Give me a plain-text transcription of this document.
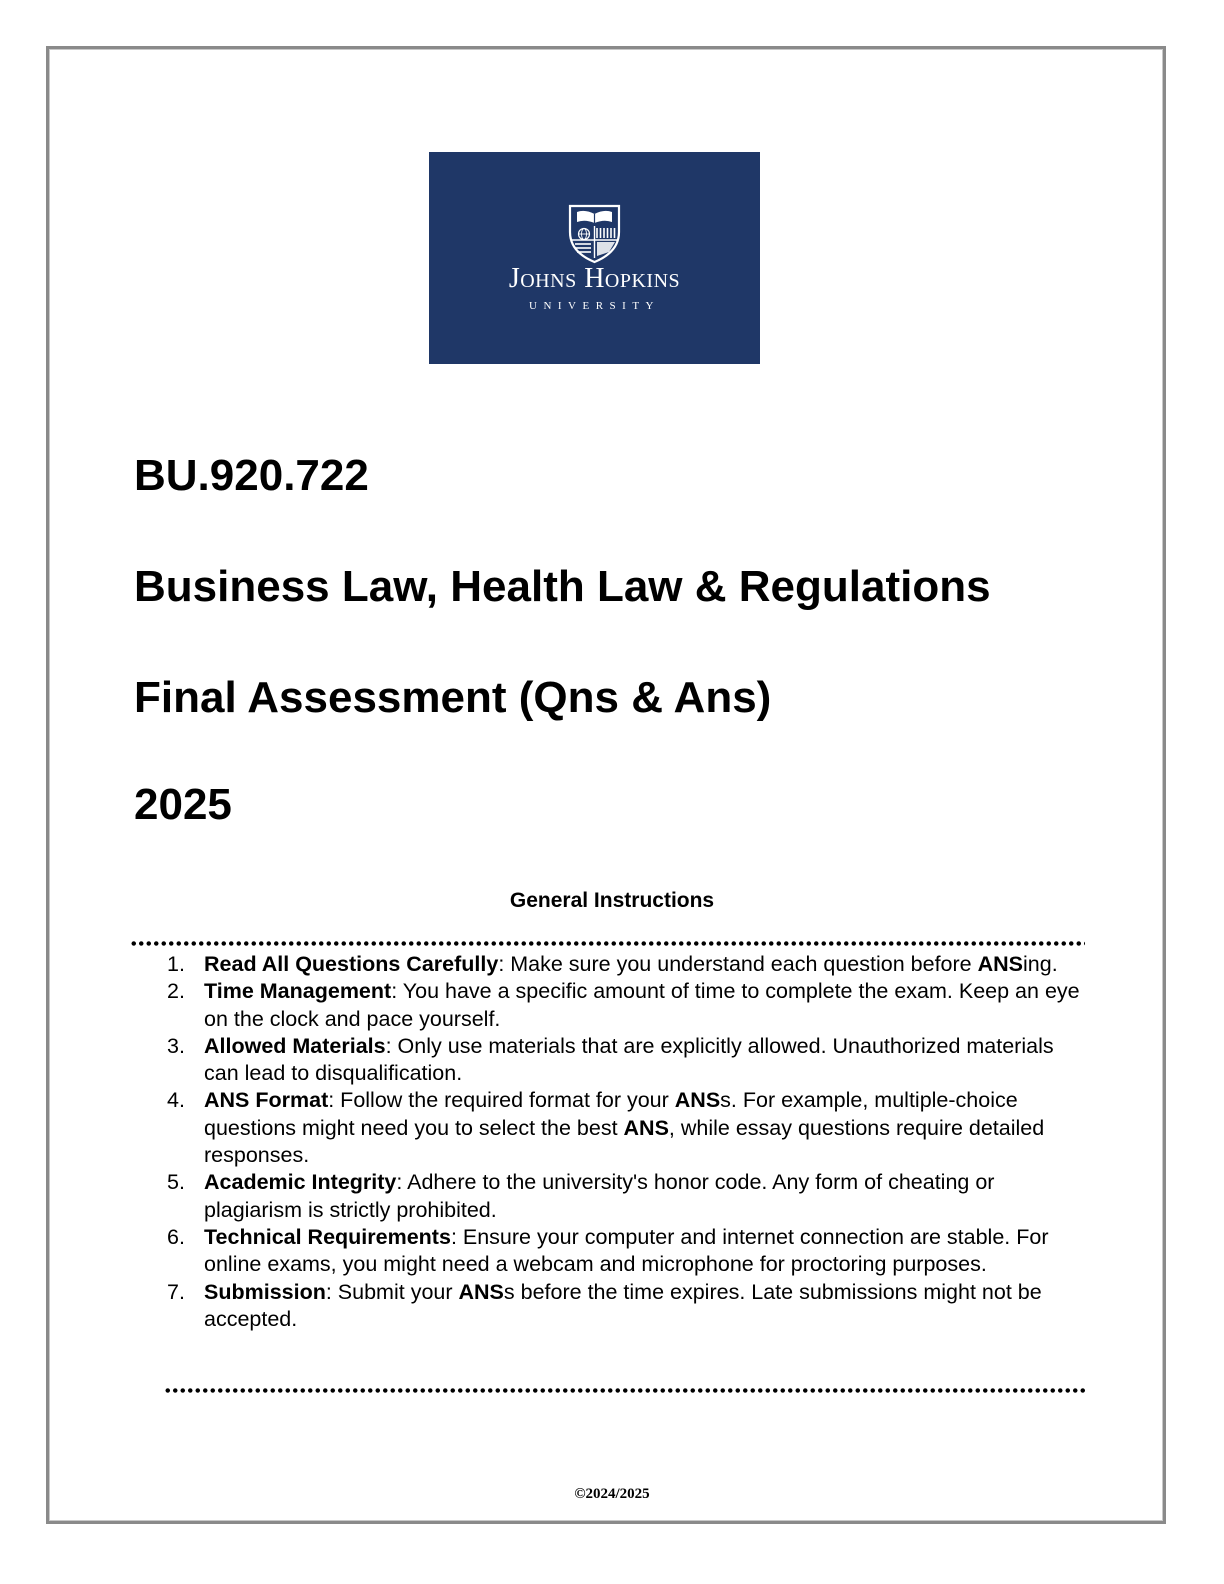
Johns Hopkins
UNIVERSITY
BU.920.722
Business Law, Health Law & Regulations
Final Assessment (Qns & Ans)
2025
General Instructions
1. Read All Questions Carefully: Make sure you understand each question before ANSing.
2. Time Management: You have a specific amount of time to complete the exam. Keep an eye on the clock and pace yourself.
3. Allowed Materials: Only use materials that are explicitly allowed. Unauthorized materials can lead to disqualification.
4. ANS Format: Follow the required format for your ANSs. For example, multiple-choice questions might need you to select the best ANS, while essay questions require detailed responses.
5. Academic Integrity: Adhere to the university's honor code. Any form of cheating or plagiarism is strictly prohibited.
6. Technical Requirements: Ensure your computer and internet connection are stable. For online exams, you might need a webcam and microphone for proctoring purposes.
7. Submission: Submit your ANSs before the time expires. Late submissions might not be accepted.
©2024/2025
